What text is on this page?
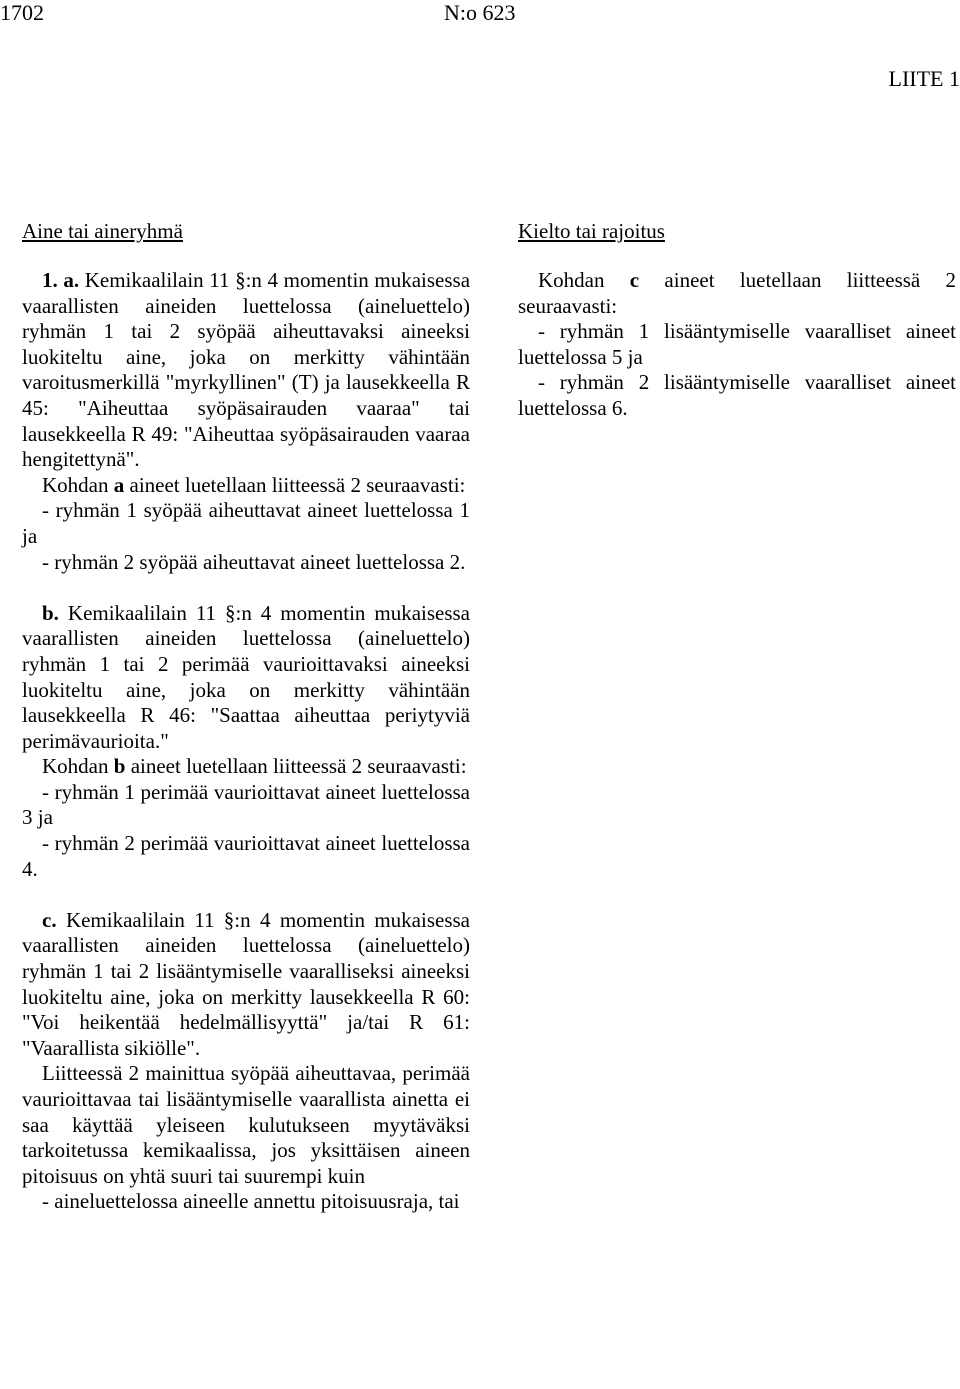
1702	N:o 623
LIITE 1
Aine tai aineryhmä	Kielto tai rajoitus

1. a. Kemikaalilain 11 §:n 4 momentin mukaisessa vaarallisten aineiden luettelossa (aineluettelo) ryhmän 1 tai 2 syöpää aiheuttavaksi aineeksi luokiteltu aine, joka on merkitty vähintään varoitusmerkillä "myrkyllinen" (T) ja lausekkeella R 45: "Aiheuttaa syöpäsairauden vaaraa" tai lausekkeella R 49: "Aiheuttaa syöpäsairauden vaaraa hengitettynä".

Kohdan a aineet luetellaan liitteessä 2 seuraavasti:

- ryhmän 1 syöpää aiheuttavat aineet luettelossa 1 ja

- ryhmän 2 syöpää aiheuttavat aineet luettelossa 2.

b. Kemikaalilain 11 §:n 4 momentin mukaisessa vaarallisten aineiden luettelossa (aineluettelo) ryhmän 1 tai 2 perimää vaurioittavaksi aineeksi luokiteltu aine, joka on merkitty vähintään lausekkeella R 46: "Saattaa aiheuttaa periytyviä perimävaurioita."

Kohdan b aineet luetellaan liitteessä 2 seuraavasti:

- ryhmän 1 perimää vaurioittavat aineet luettelossa 3 ja

- ryhmän 2 perimää vaurioittavat aineet luettelossa 4.

c. Kemikaalilain 11 §:n 4 momentin mukaisessa vaarallisten aineiden luettelossa (aineluettelo) ryhmän 1 tai 2 lisääntymiselle vaaralliseksi aineeksi luokiteltu aine, joka on merkitty lausekkeella R 60: "Voi heikentää hedelmällisyyttä" ja/tai R 61: "Vaarallista sikiölle".

Liitteessä 2 mainittua syöpää aiheuttavaa, perimää vaurioittavaa tai lisääntymiselle vaarallista ainetta ei saa käyttää yleiseen kulutukseen myytäväksi tarkoitetussa kemikaalissa, jos yksittäisen aineen pitoisuus on yhtä suuri tai suurempi kuin

- aineluettelossa aineelle annettu pitoisuusraja, tai

Kohdan c aineet luetellaan liitteessä 2 seuraavasti:

- ryhmän 1 lisääntymiselle vaaralliset aineet luettelossa 5 ja

- ryhmän 2 lisääntymiselle vaaralliset aineet luettelossa 6.
